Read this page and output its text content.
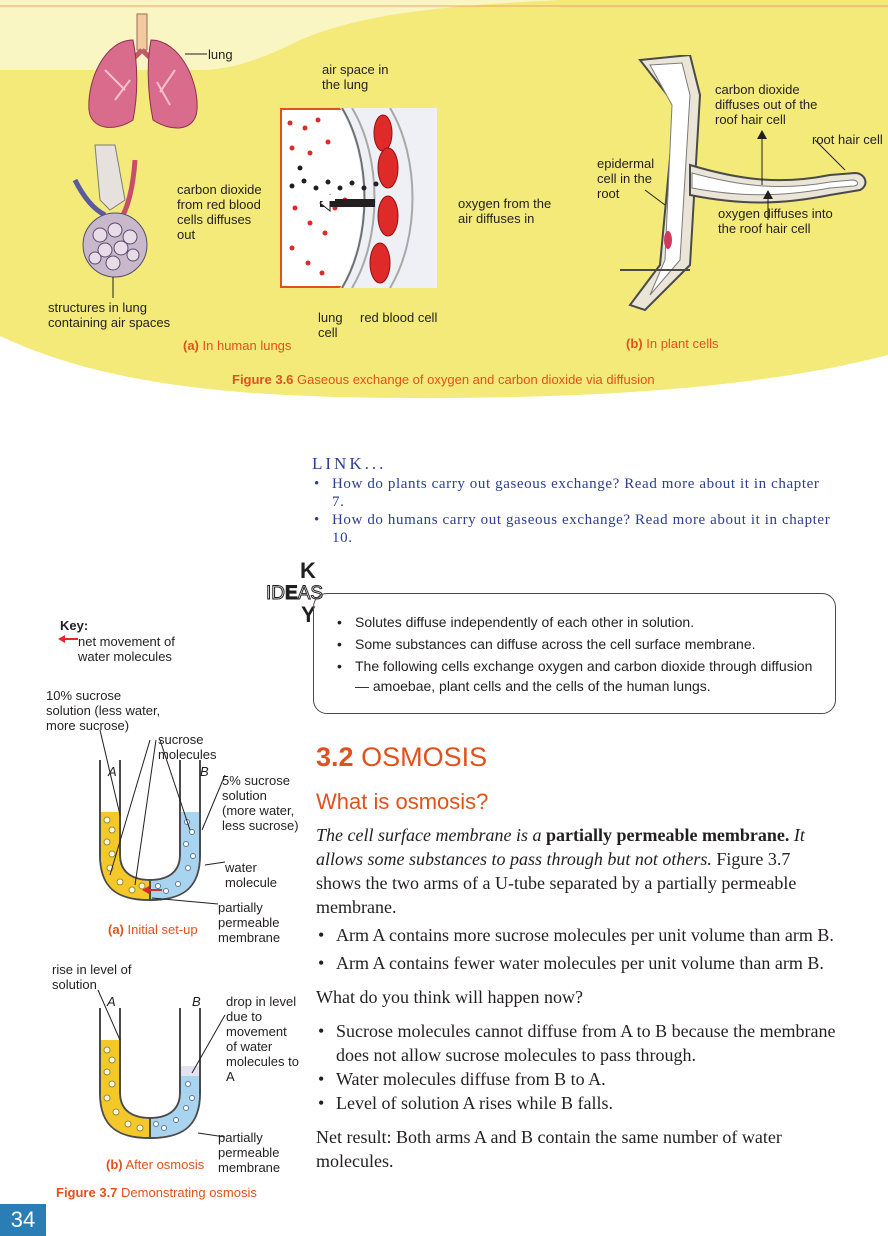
lung
air space in the lung
carbon dioxide from red blood cells diffuses out
structures in lung containing air spaces
oxygen from the air diffuses in
lung cell
red blood cell
(a) In human lungs
carbon dioxide diffuses out of the roof hair cell
root hair cell
epidermal cell in the root
oxygen diffuses into the roof hair cell
(b) In plant cells
Figure 3.6 Gaseous exchange of oxygen and carbon dioxide via diffusion
LINK...
• How do plants carry out gaseous exchange? Read more about it in chapter 7.
• How do humans carry out gaseous exchange? Read more about it in chapter 10.
K
IDEAS
Y
•	Solutes diffuse independently of each other in solution.
• Some substances can diffuse across the cell surface membrane.
• The following cells exchange oxygen and carbon dioxide through diffusion — amoebae, plant cells and the cells of the human lungs.
Key:
net movement of water molecules
10% sucrose solution (less water, more sucrose)
sucrose molecules
A	B
5% sucrose solution (more water, less sucrose)
water molecule
partially permeable membrane
(a) Initial set-up
rise in level of solution
A	B drop in level due to movement of water molecules to A
partially permeable membrane
(b) After osmosis
Figure 3.7 Demonstrating osmosis
3.2 OSMOSIS
What is osmosis?

The cell surface membrane is a partially permeable membrane. It allows some substances to pass through but not others. Figure 3.7 shows the two arms of a U-tube separated by a partially permeable membrane.

• Arm A contains more sucrose molecules per unit volume than arm B.
• Arm A contains fewer water molecules per unit volume than arm B.

What do you think will happen now?

• Sucrose molecules cannot diffuse from A to B because the membrane does not allow sucrose molecules to pass through.
• Water molecules diffuse from B to A.
• Level of solution A rises while B falls.

Net result: Both arms A and B contain the same number of water molecules.

34
